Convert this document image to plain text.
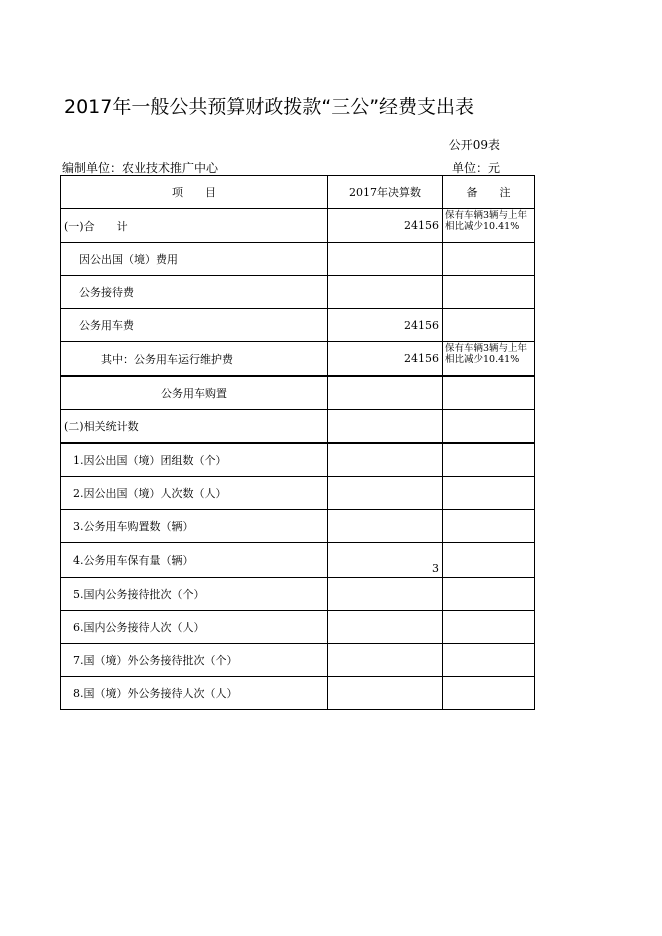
2017年一般公共预算财政拨款“三公”经费支出表
公开09表
编制单位：农业技术推广中心	单位：元
项　　目	2017年决算数	备　　注
(一)合　　计	24156	保有车辆3辆与上年相比减少10.41%
因公出国（境）费用		
公务接待费		
公务用车费	24156	
其中：公务用车运行维护费	24156	保有车辆3辆与上年相比减少10.41%
公务用车购置		
(二)相关统计数		
1.因公出国（境）团组数（个）		
2.因公出国（境）人次数（人）		
3.公务用车购置数（辆）		
4.公务用车保有量（辆）	3	
5.国内公务接待批次（个）		
6.国内公务接待人次（人）		
7.国（境）外公务接待批次（个）		
8.国（境）外公务接待人次（人）		
